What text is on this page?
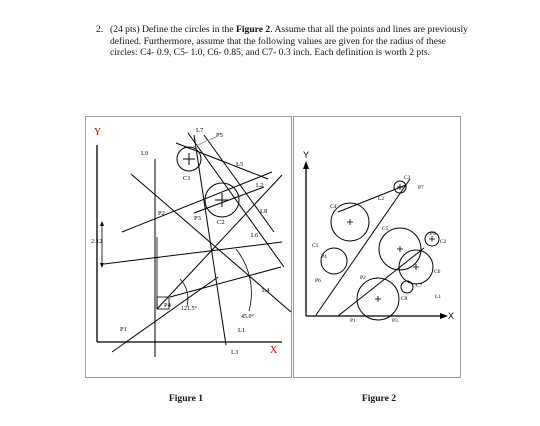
2. (24 pts) Define the circles in the Figure 2. Assume that all the points and lines are previously defined. Furthermore, assume that the following values are given for the radius of these circles: C4- 0.9, C5- 1.0, C6- 0.85, and C7- 0.3 inch. Each definition is worth 2 pts.
Y
X
L9
P1	L1
P2
P3
L2
L5
L7
L8
L6
L4
L3
P4
P5
C1
C2
2.12
121.5°
45.0°
Y
X
C1
P4
P6
C4
L2
C3
P7
C5
P5
C2
C6
P2
C7
C8	L1
P1	P3
Figure 1	Figure 2
